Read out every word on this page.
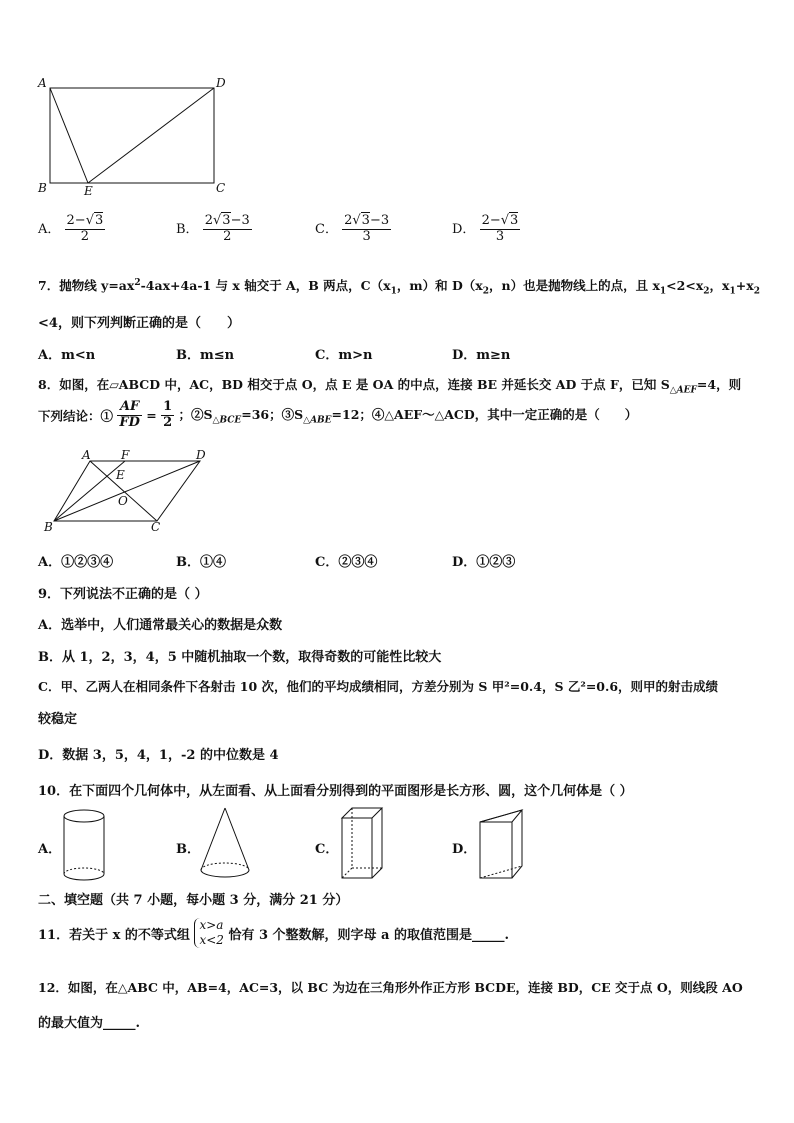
A	D
B	E	C
A． $\frac{2-√3}{2}$	B． $\frac{2√3-3}{2}$	C． $\frac{2√3-3}{3}$	D． $\frac{2-√3}{3}$
7．抛物线 $y=ax^2-4ax+4a-1$ 与 x 轴交于 A，B 两点，$C(x_1$，m）和 $D(x_2$，n）也是抛物线上的点，且 $x_1<2<x_2$，$x_1+x_2$
<4，则下列判断正确的是（　　）
A．m<n	B．m≤n	C．m>n	D．m≥n
8．如图，在▱ABCD 中，AC，BD 相交于点 O，点 E 是 OA 的中点，连接 BE 并延长交 AD 于点 F，已知 $S_{\triangle AEF}=4$，则
下列结论：① $\frac{AF}{FD} = \frac{1}{2}$ ；$②S_{\triangle BCE}=36$；$③S_{\triangle ABE}=12$；④△AEF～△ACD，其中一定正确的是（　　）
A	F	D
E
O
B	C
A．①②③④	B．①④	C．②③④	D．①②③
9．下列说法不正确的是（ ）
A．选举中，人们通常最关心的数据是众数
B．从 1，2，3，4，5 中随机抽取一个数，取得奇数的可能性比较大
C．甲、乙两人在相同条件下各射击 10 次，他们的平均成绩相同，方差分别为 S 甲²=0.4，S 乙²=0.6，则甲的射击成绩
较稳定
D．数据 3，5，4，1，-2 的中位数是 4
10．在下面四个几何体中，从左面看、从上面看分别得到的平面图形是长方形、圆，这个几何体是（ ）
A．	B．	C．	D．
二、填空题（共 7 小题，每小题 3 分，满分 21 分）
11．若关于 x 的不等式组
x>a
x<2 恰有 3 个整数解，则字母 a 的取值范围是_____.
12．如图，在△ABC 中，AB=4，AC=3，以 BC 为边在三角形外作正方形 BCDE，连接 BD，CE 交于点 O，则线段 AO
的最大值为_____.
